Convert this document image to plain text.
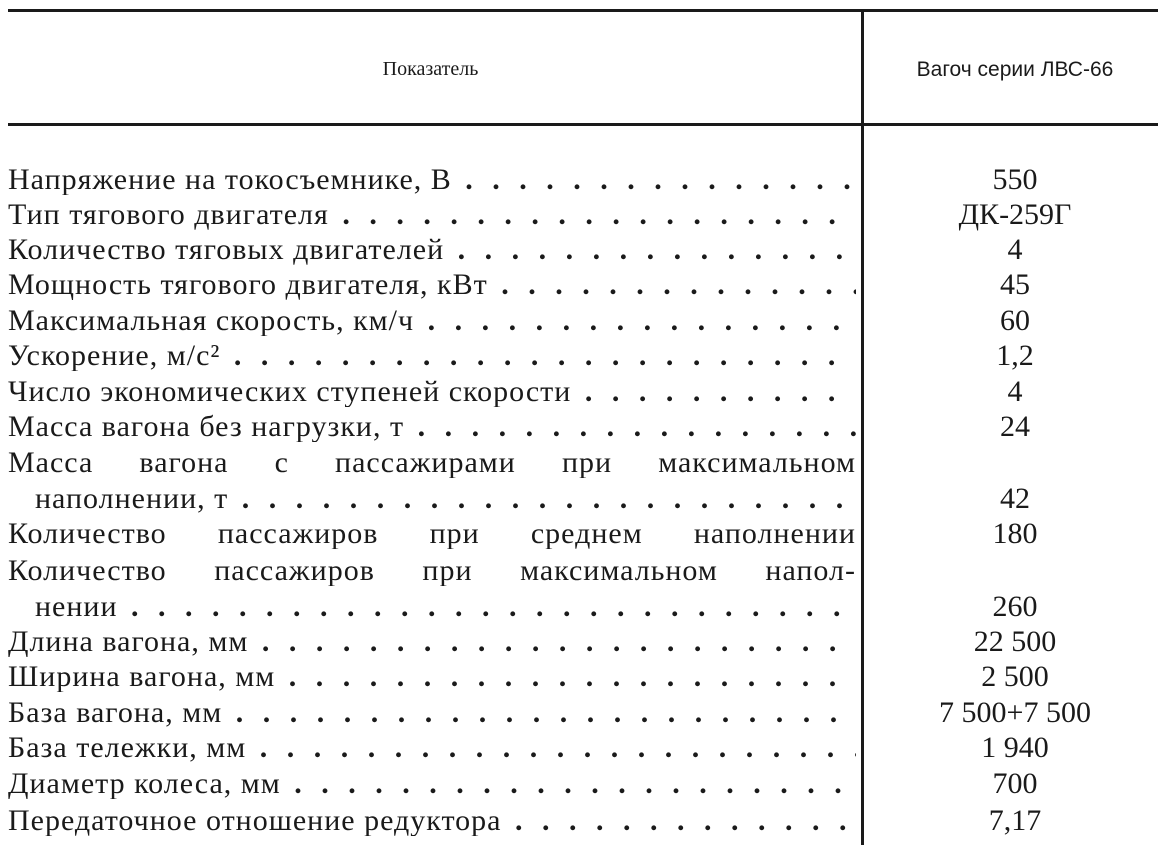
Показатель	Вагоч серии ЛВС-66
Напряжение на токосъемнике, В . . .	550
Тип тягового двигателя . . .	ДК-259Г
Количество тяговых двигателей . . .	4
Мощность тягового двигателя, кВт . . .	45
Максимальная скорость, км/ч . . .	60
Ускорение, м/с² . . .	1,2
Число экономических ступеней скорости . . .	4
Масса вагона без нагрузки, т . . .	24
Масса вагона с пассажирами при максимальном
наполнении, т . . .	42
Количество пассажиров при среднем наполнении	180
Количество пассажиров при максимальном напол-
нении . . .	260
Длина вагона, мм . . .	22 500
Ширина вагона, мм . . .	2 500
База вагона, мм . . .	7 500+7 500
База тележки, мм . . .	1 940
Диаметр колеса, мм . . .	700
Передаточное отношение редуктора . . .	7,17
